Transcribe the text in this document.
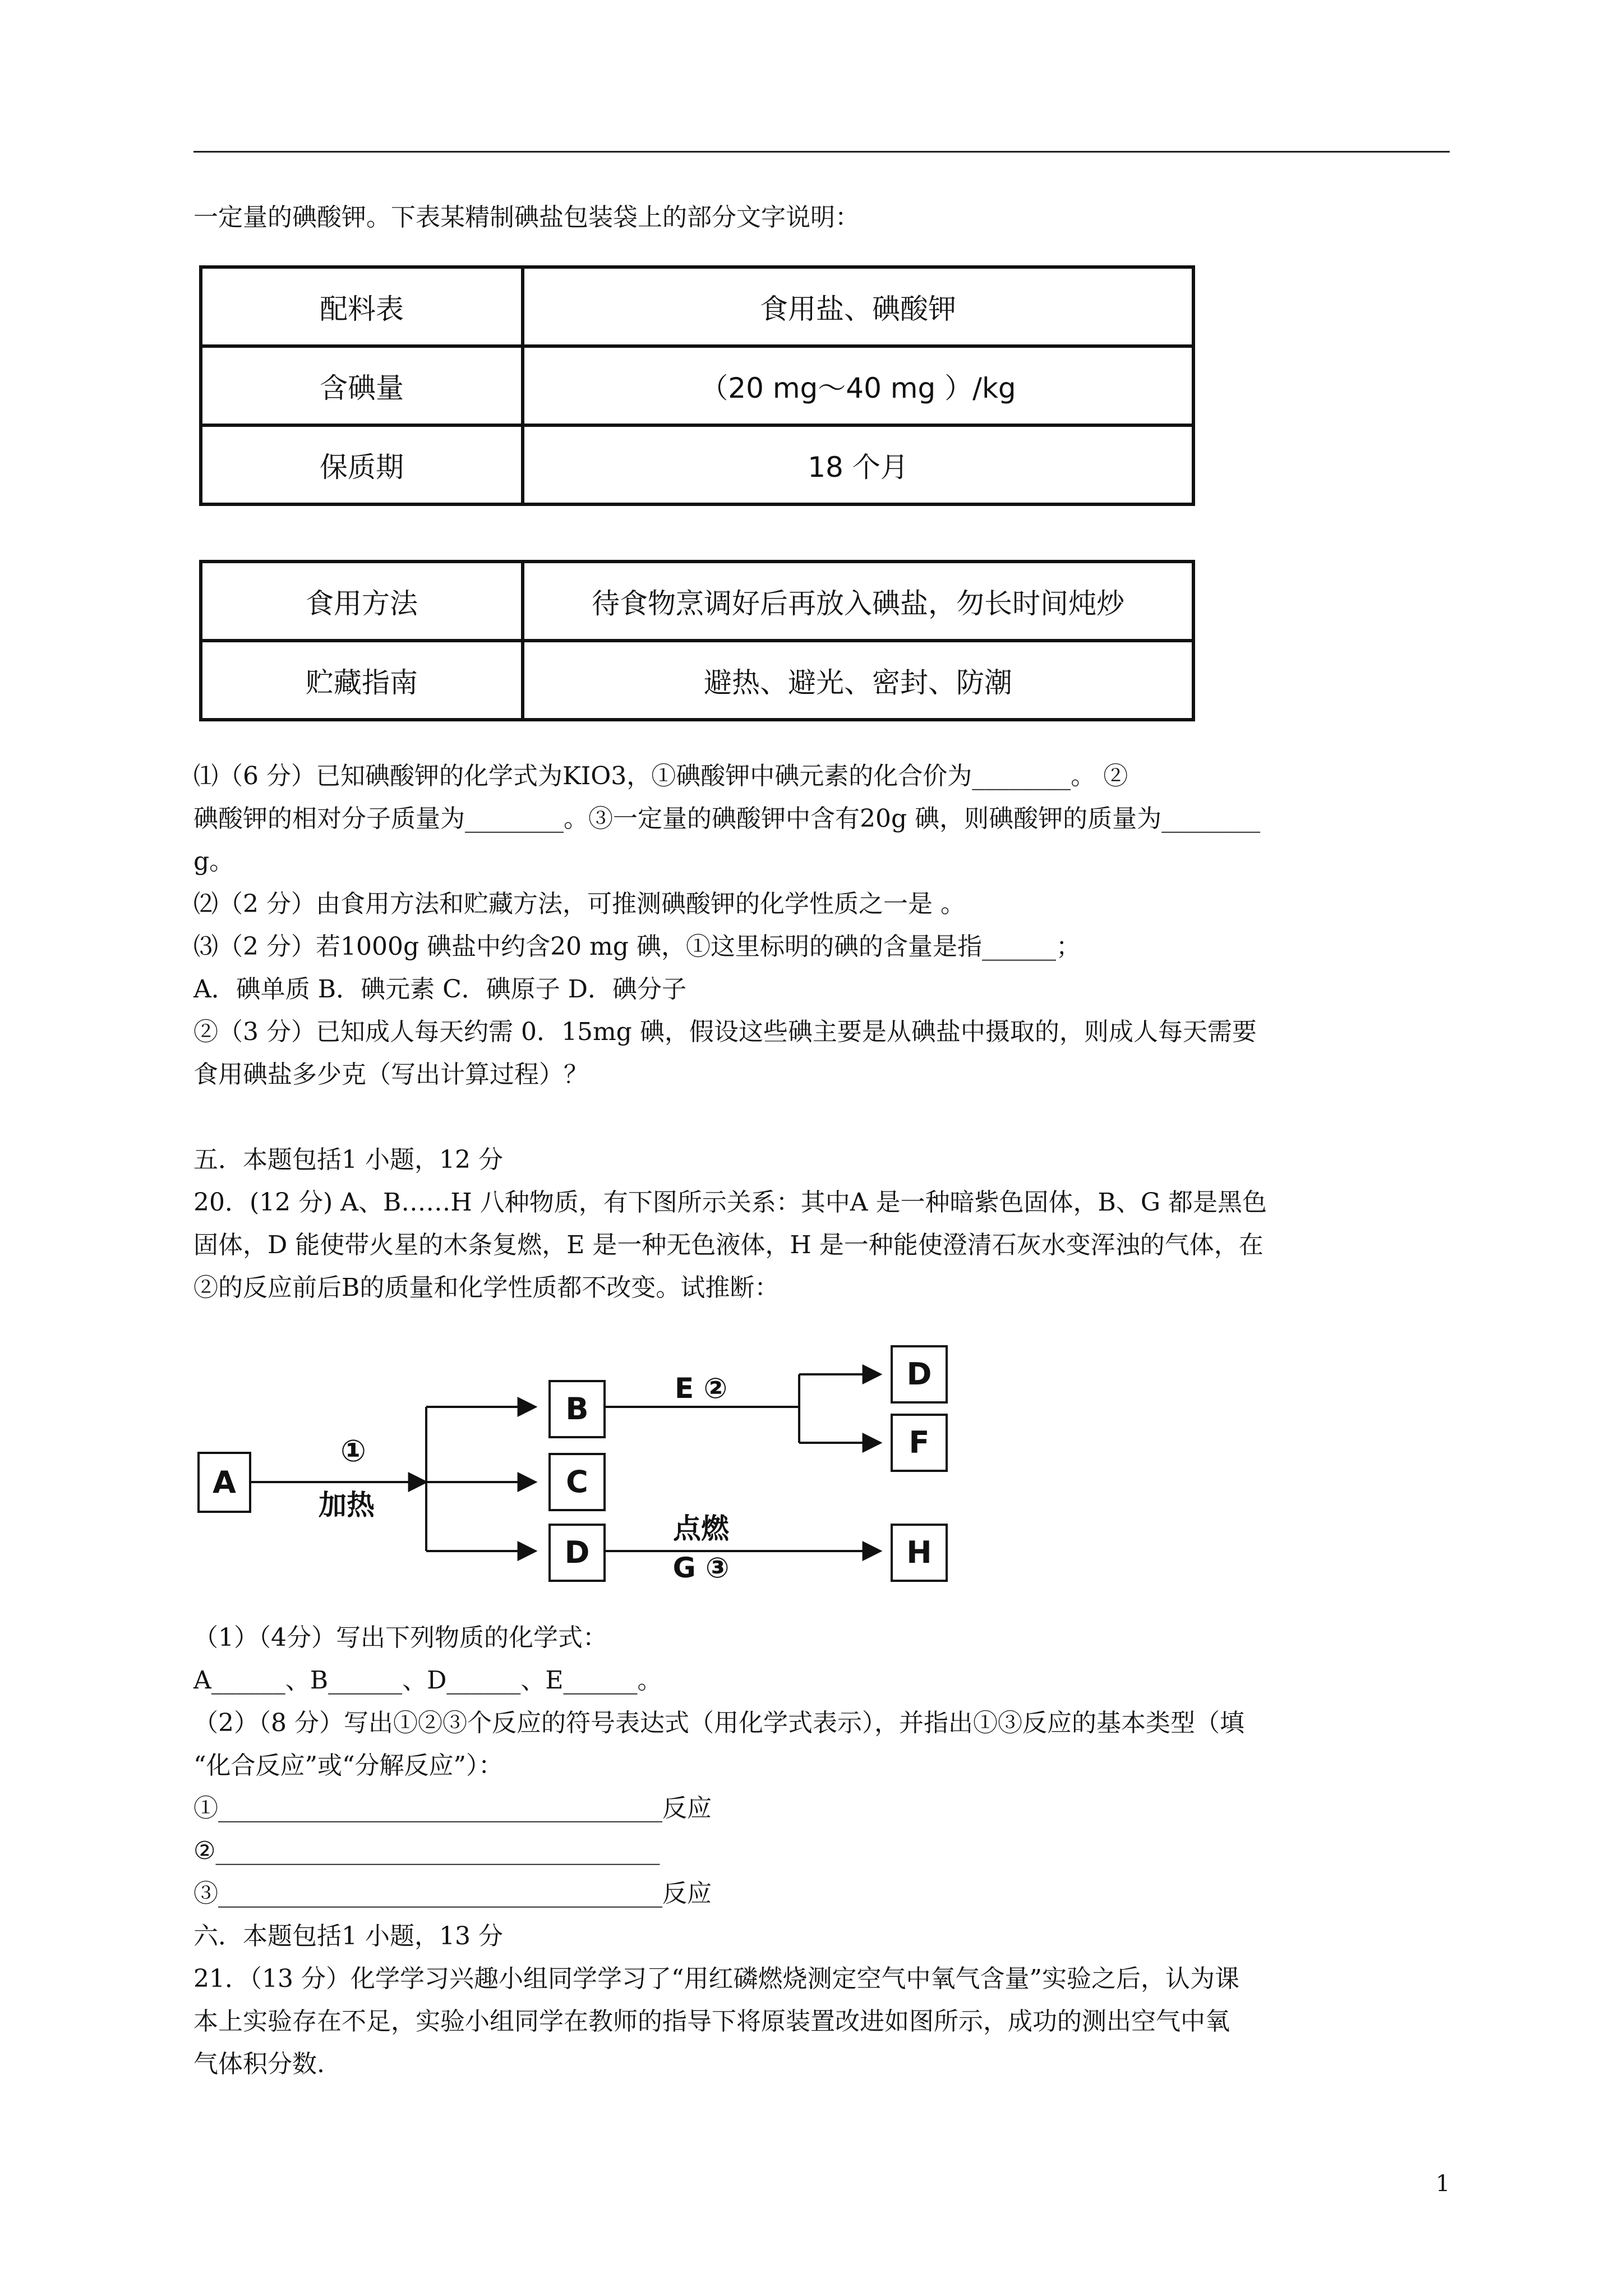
一定量的碘酸钾。下表某精制碘盐包装袋上的部分文字说明：
配料表	食用盐、碘酸钾
含碘量	（20 mg～40 mg ）/kg
保质期	18 个月
食用方法	待食物烹调好后再放入碘盐，勿长时间炖炒
贮藏指南	避热、避光、密封、防潮
⑴（6 分）已知碘酸钾的化学式为KIO3，①碘酸钾中碘元素的化合价为________。 ②
碘酸钾的相对分子质量为________。③一定量的碘酸钾中含有20g 碘，则碘酸钾的质量为________
g。
⑵（2 分）由食用方法和贮藏方法，可推测碘酸钾的化学性质之一是 。
⑶（2 分）若1000g 碘盐中约含20 mg 碘，①这里标明的碘的含量是指______；
A．碘单质 B．碘元素 C．碘原子 D．碘分子
②（3 分）已知成人每天约需 0．15mg 碘，假设这些碘主要是从碘盐中摄取的，则成人每天需要
食用碘盐多少克（写出计算过程）？
五．本题包括1 小题，12 分
20．(12 分) A、B……H 八种物质，有下图所示关系：其中A 是一种暗紫色固体，B、G 都是黑色
固体，D 能使带火星的木条复燃，E 是一种无色液体，H 是一种能使澄清石灰水变浑浊的气体，在
②的反应前后B的质量和化学性质都不改变。试推断：
A
B
C
D
D
F
H
①
加热
E ②
点燃
G ③
（1）（4分）写出下列物质的化学式：
A______、B______、D______、E______。
（2）（8 分）写出①②③个反应的符号表达式（用化学式表示），并指出①③反应的基本类型（填
“化合反应”或“分解反应”）：
①____________________________________反应
②____________________________________
③____________________________________反应
六．本题包括1 小题，13 分
21．（13 分）化学学习兴趣小组同学学习了“用红磷燃烧测定空气中氧气含量”实验之后，认为课
本上实验存在不足，实验小组同学在教师的指导下将原装置改进如图所示，成功的测出空气中氧
气体积分数.
1
